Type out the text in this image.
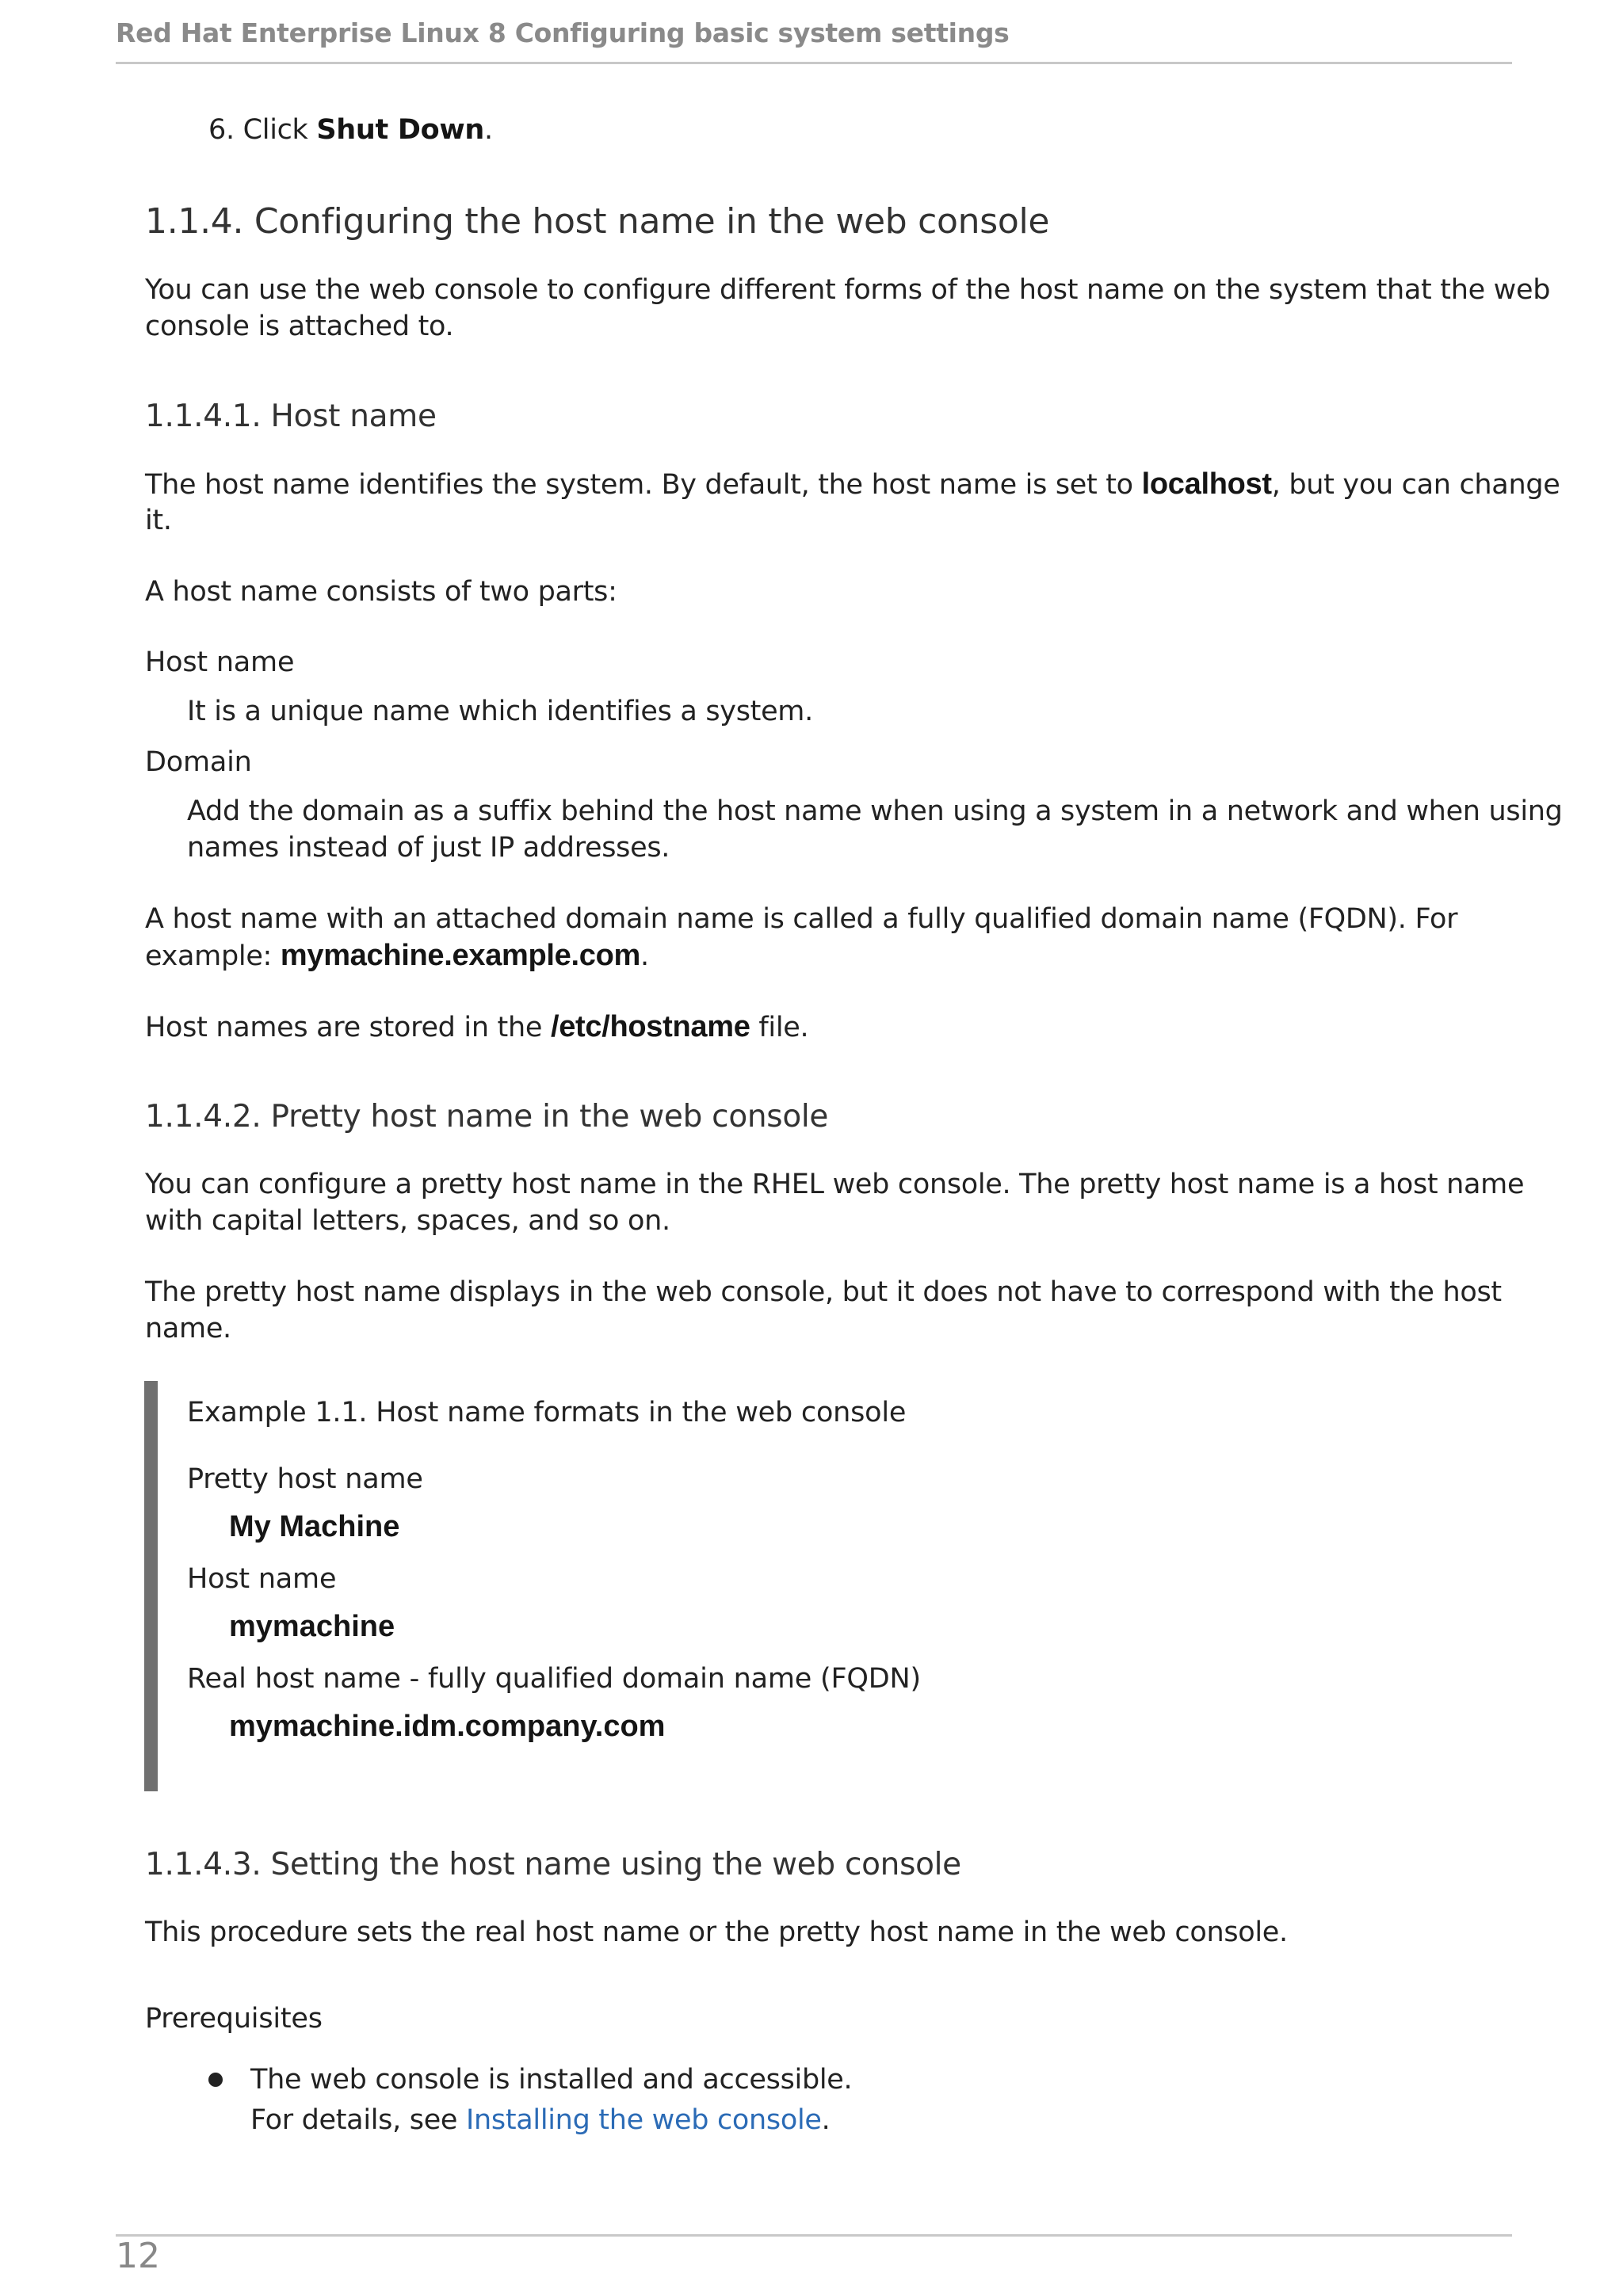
Red Hat Enterprise Linux 8 Configuring basic system settings
6. Click Shut Down.
1.1.4. Configuring the host name in the web console
You can use the web console to configure different forms of the host name on the system that the web
console is attached to.
1.1.4.1. Host name
The host name identifies the system. By default, the host name is set to localhost, but you can change
it.
A host name consists of two parts:
Host name
It is a unique name which identifies a system.
Domain
Add the domain as a suffix behind the host name when using a system in a network and when using
names instead of just IP addresses.
A host name with an attached domain name is called a fully qualified domain name (FQDN). For
example: mymachine.example.com.
Host names are stored in the /etc/hostname file.
1.1.4.2. Pretty host name in the web console
You can configure a pretty host name in the RHEL web console. The pretty host name is a host name
with capital letters, spaces, and so on.
The pretty host name displays in the web console, but it does not have to correspond with the host
name.
Example 1.1. Host name formats in the web console
Pretty host name
My Machine
Host name
mymachine
Real host name - fully qualified domain name (FQDN)
mymachine.idm.company.com
1.1.4.3. Setting the host name using the web console
This procedure sets the real host name or the pretty host name in the web console.
Prerequisites
The web console is installed and accessible.
For details, see Installing the web console.
12
